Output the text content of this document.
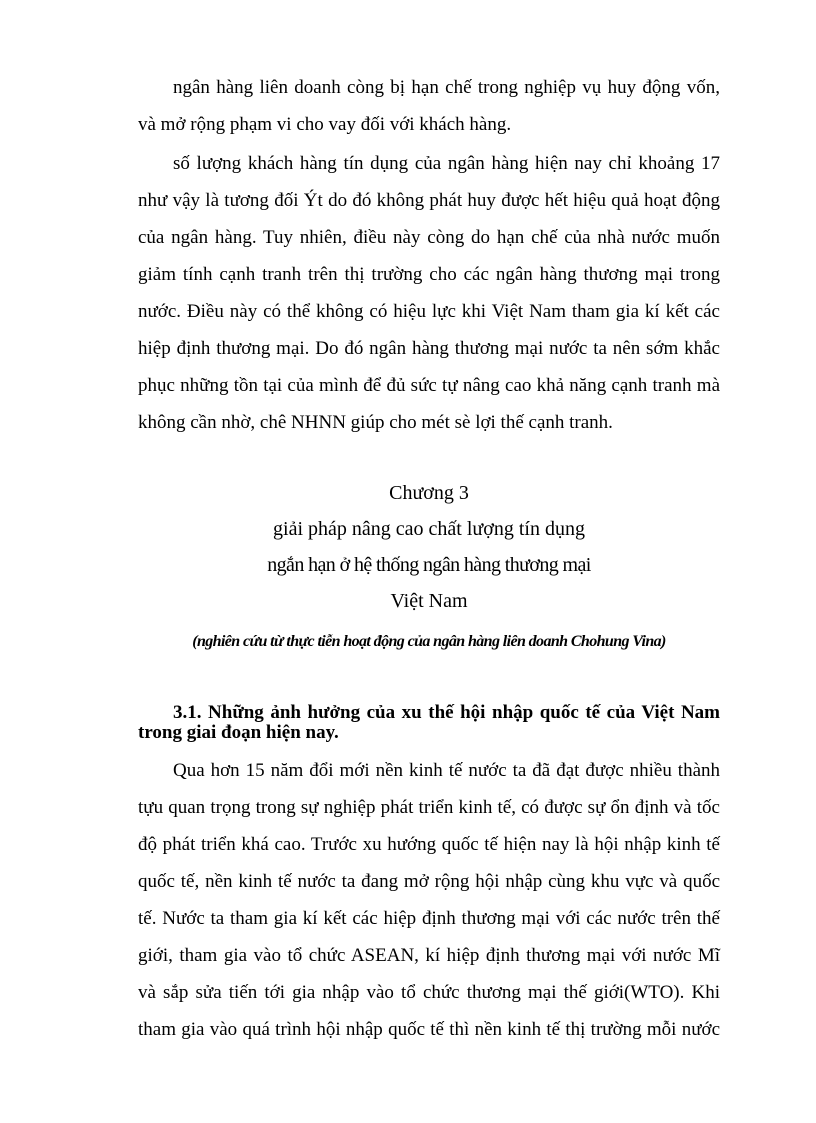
ngân hàng liên doanh còng bị hạn chế trong nghiệp vụ huy động vốn,

và mở rộng phạm vi cho vay đối với khách hàng.

số lượng khách hàng tín dụng của ngân hàng hiện nay chỉ khoảng 17

như vậy là tương đối Ýt do đó không phát huy được hết hiệu quả hoạt động

của ngân hàng. Tuy nhiên, điều này còng do hạn chế của nhà nước muốn

giảm tính cạnh tranh trên thị trường cho các ngân hàng thương mại trong

nước. Điều này có thể không có hiệu lực khi Việt Nam tham gia kí kết các

hiệp định thương mại. Do đó ngân hàng thương mại nước ta nên sớm khắc

phục những tồn tại của mình để đủ sức tự nâng cao khả năng cạnh tranh mà

không cần nhờ, chê NHNN giúp cho mét sè lợi thế cạnh tranh.

Chương 3

giải pháp nâng cao chất lượng tín dụng

ngắn hạn ở hệ thống ngân hàng thương mại

Việt Nam

(nghiên cứu từ thực tiễn hoạt động của ngân hàng liên doanh Chohung Vina)

3.1. Những ảnh hưởng của xu thế hội nhập quốc tế của Việt Nam

trong giai đoạn hiện nay.

Qua hơn 15 năm đổi mới nền kinh tế nước ta đã đạt được nhiều thành

tựu quan trọng trong sự nghiệp phát triển kinh tế, có được sự ổn định và tốc

độ phát triển khá cao. Trước xu hướng quốc tế hiện nay là hội nhập kinh tế

quốc tế, nền kinh tế nước ta đang mở rộng hội nhập cùng khu vực và quốc

tế. Nước ta tham gia kí kết các hiệp định thương mại với các nước trên thế

giới, tham gia vào tổ chức ASEAN, kí hiệp định thương mại với nước Mĩ

và sắp sửa tiến tới gia nhập vào tổ chức thương mại thế giới(WTO). Khi

tham gia vào quá trình hội nhập quốc tế thì nền kinh tế thị trường mỗi nước
